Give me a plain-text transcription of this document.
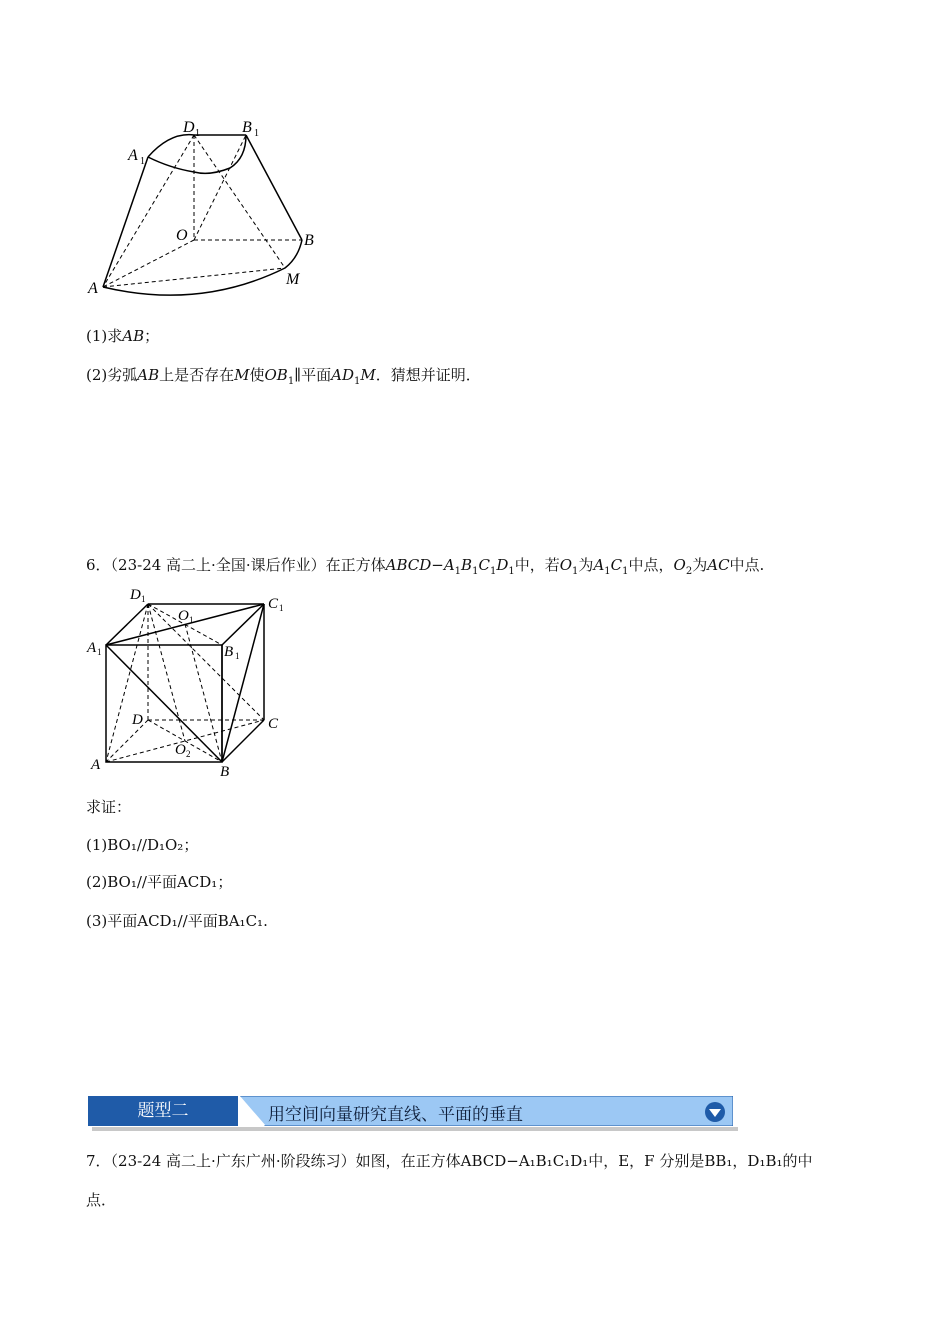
D 1	B 1
A 1
O	B
A
M
(1)求AB；
(2)劣弧AB上是否存在M使$OB_1\parallel$平面$AD_1M$．猜想并证明．
6．（23-24 高二上·全国·课后作业）在正方体$ABCD-A_1B_1C_1D_1$中，若$O_1$为$A_1C_1$中点，$O_2$为AC中点.
D 1
O 1
C 1
A 1	B 1
D	C
O 2
A	B
求证：
(1)BO₁//D₁O₂；
(2)BO₁//平面ACD₁；
(3)平面ACD₁//平面BA₁C₁.
题型二	用空间向量研究直线、平面的垂直
7．（23-24 高二上·广东广州·阶段练习）如图，在正方体ABCD−A₁B₁C₁D₁中，E，F 分别是BB₁，D₁B₁的中
点．
